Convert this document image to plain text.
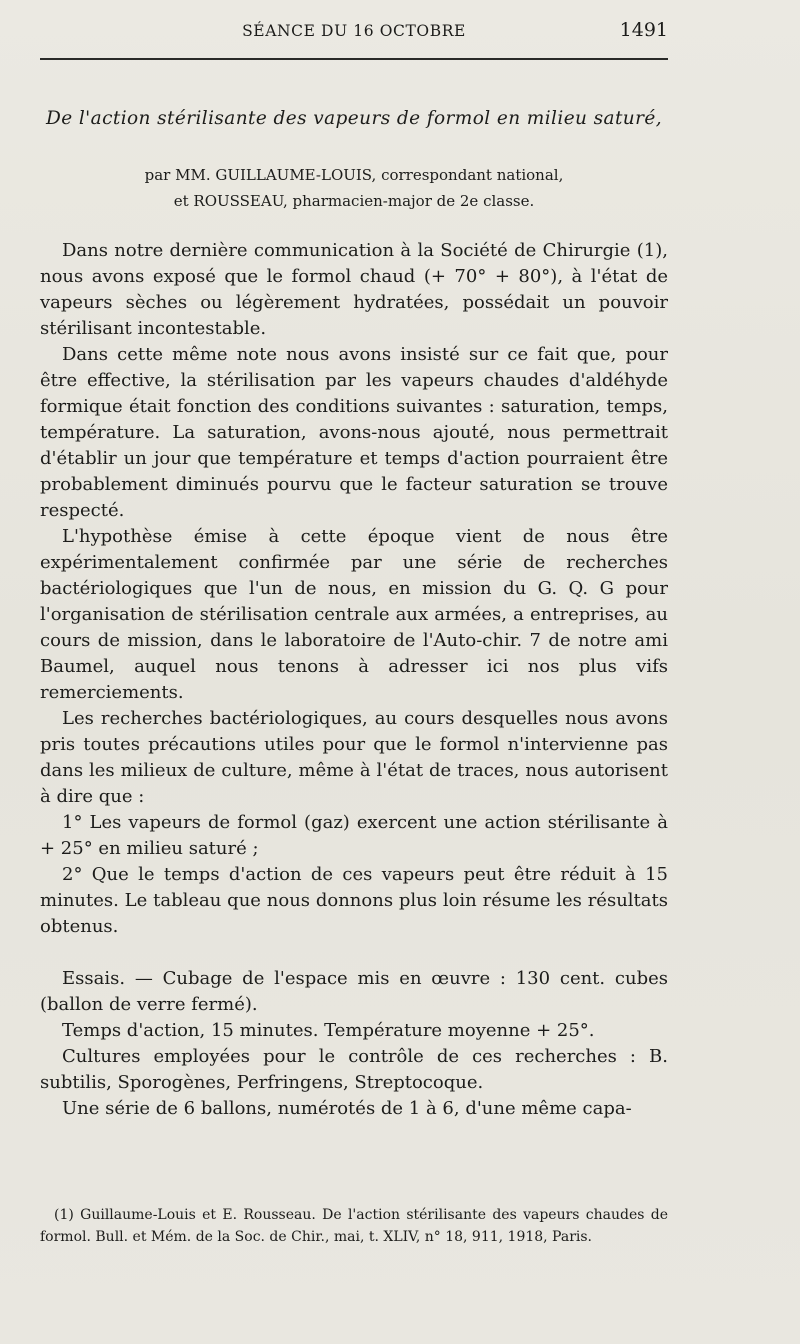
SÉANCE DU 16 OCTOBRE	1491
De l'action stérilisante des vapeurs de formol en milieu saturé,
par MM. GUILLAUME-LOUIS, correspondant national,
et ROUSSEAU, pharmacien-major de 2e classe.

Dans notre dernière communication à la Société de Chirurgie (1), nous avons exposé que le formol chaud (+ 70° + 80°), à l'état de vapeurs sèches ou légèrement hydratées, possédait un pouvoir stérilisant incontestable.

Dans cette même note nous avons insisté sur ce fait que, pour être effective, la stérilisation par les vapeurs chaudes d'aldéhyde formique était fonction des conditions suivantes : saturation, temps, température. La saturation, avons-nous ajouté, nous permettrait d'établir un jour que température et temps d'action pourraient être probablement diminués pourvu que le facteur saturation se trouve respecté.

L'hypothèse émise à cette époque vient de nous être expérimentalement confirmée par une série de recherches bactériologiques que l'un de nous, en mission du G. Q. G pour l'organisation de stérilisation centrale aux armées, a entreprises, au cours de mission, dans le laboratoire de l'Auto-chir. 7 de notre ami Baumel, auquel nous tenons à adresser ici nos plus vifs remerciements.

Les recherches bactériologiques, au cours desquelles nous avons pris toutes précautions utiles pour que le formol n'intervienne pas dans les milieux de culture, même à l'état de traces, nous autorisent à dire que :

1° Les vapeurs de formol (gaz) exercent une action stérilisante à + 25° en milieu saturé ;

2° Que le temps d'action de ces vapeurs peut être réduit à 15 minutes. Le tableau que nous donnons plus loin résume les résultats obtenus.

Essais. — Cubage de l'espace mis en œuvre : 130 cent. cubes (ballon de verre fermé).

Temps d'action, 15 minutes. Température moyenne + 25°.

Cultures employées pour le contrôle de ces recherches : B. subtilis, Sporogènes, Perfringens, Streptocoque.

Une série de 6 ballons, numérotés de 1 à 6, d'une même capa-

(1) Guillaume-Louis et E. Rousseau. De l'action stérilisante des vapeurs chaudes de formol. Bull. et Mém. de la Soc. de Chir., mai, t. XLIV, n° 18, 911, 1918, Paris.
